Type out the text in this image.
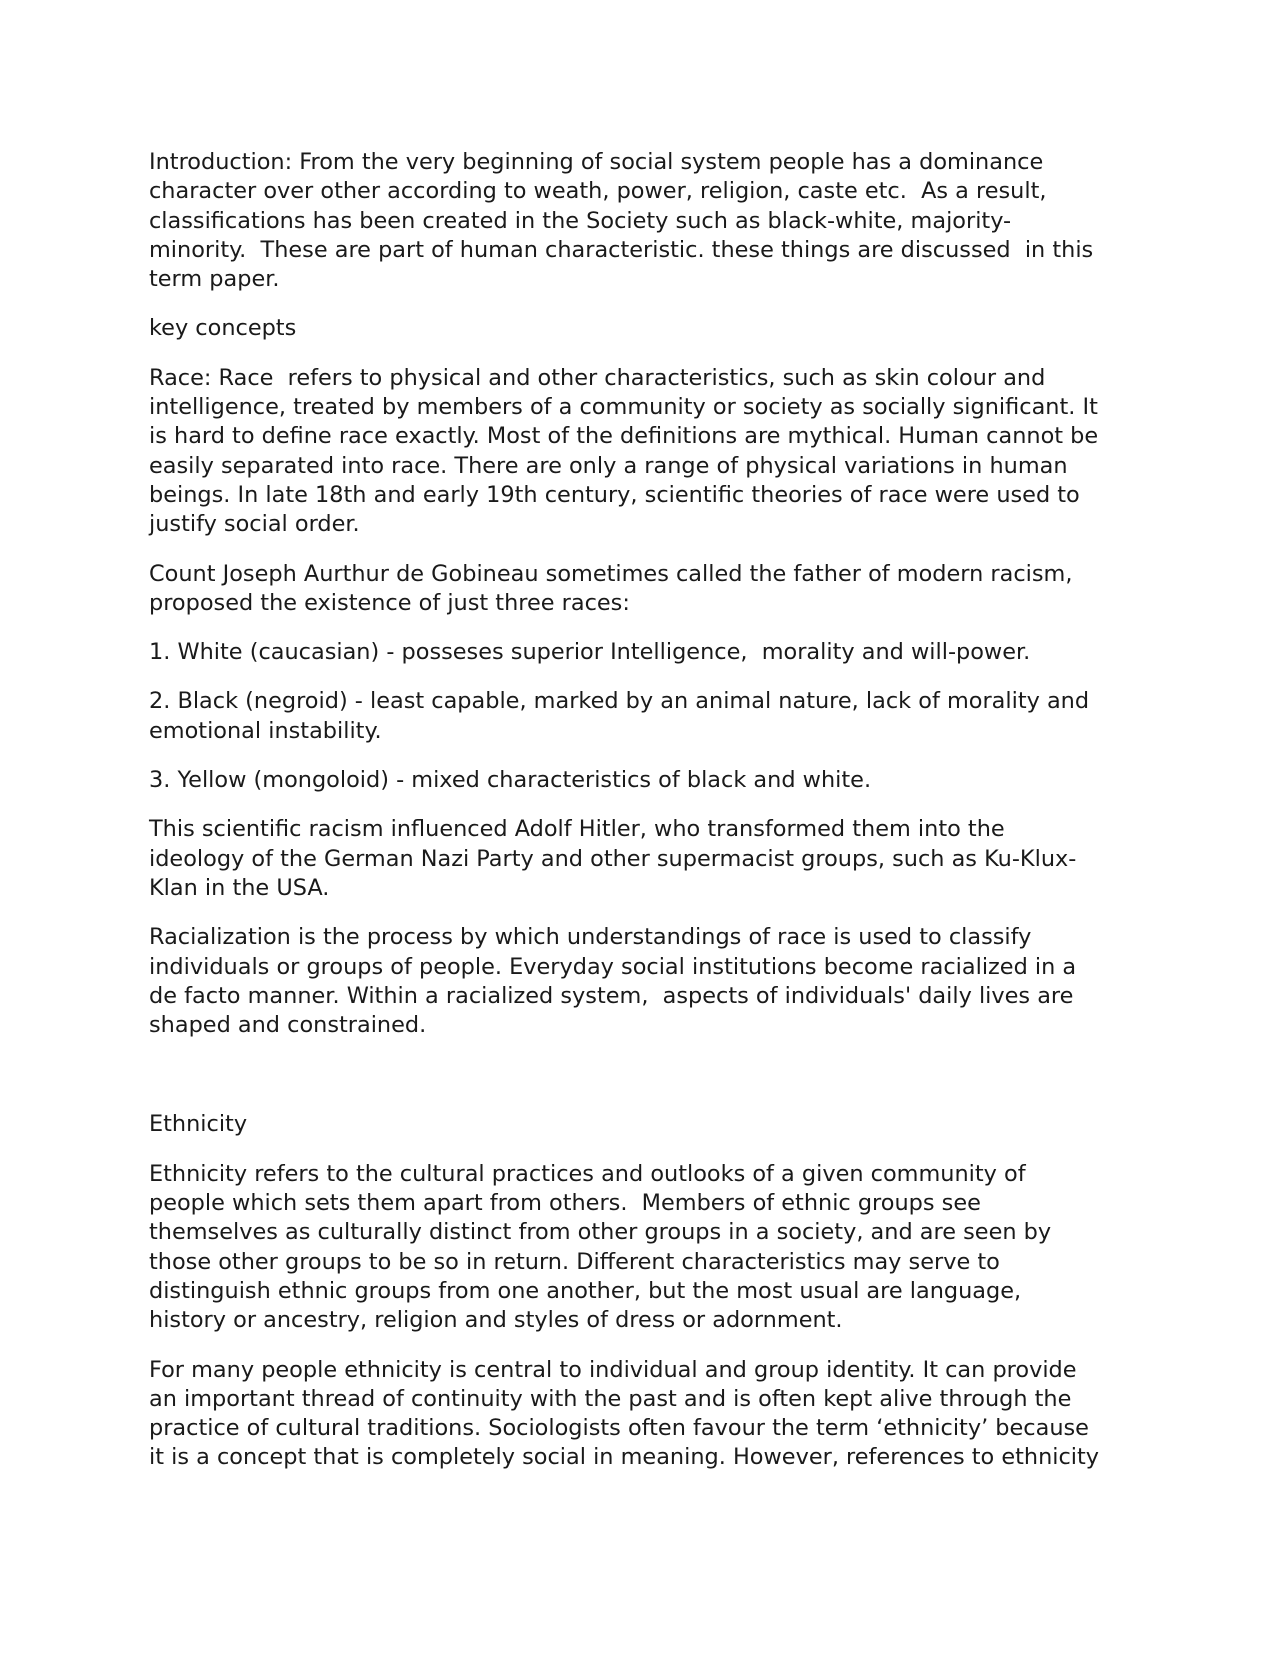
Introduction: From the very beginning of social system people has a dominance
character over other according to weath, power, religion, caste etc.  As a result,
classifications has been created in the Society such as black-white, majority-
minority.  These are part of human characteristic. these things are discussed  in this
term paper.
key concepts
Race: Race  refers to physical and other characteristics, such as skin colour and
intelligence, treated by members of a community or society as socially significant. It
is hard to define race exactly. Most of the definitions are mythical. Human cannot be
easily separated into race. There are only a range of physical variations in human
beings. In late 18th and early 19th century, scientific theories of race were used to
justify social order.
Count Joseph Aurthur de Gobineau sometimes called the father of modern racism,
proposed the existence of just three races:
1. White (caucasian) - posseses superior Intelligence,  morality and will-power.
2. Black (negroid) - least capable, marked by an animal nature, lack of morality and
emotional instability.
3. Yellow (mongoloid) - mixed characteristics of black and white.
This scientific racism influenced Adolf Hitler, who transformed them into the
ideology of the German Nazi Party and other supermacist groups, such as Ku-Klux-
Klan in the USA.
Racialization is the process by which understandings of race is used to classify
individuals or groups of people. Everyday social institutions become racialized in a
de facto manner. Within a racialized system,  aspects of individuals' daily lives are
shaped and constrained.
Ethnicity
Ethnicity refers to the cultural practices and outlooks of a given community of
people which sets them apart from others.  Members of ethnic groups see
themselves as culturally distinct from other groups in a society, and are seen by
those other groups to be so in return. Different characteristics may serve to
distinguish ethnic groups from one another, but the most usual are language,
history or ancestry, religion and styles of dress or adornment.
For many people ethnicity is central to individual and group identity. It can provide
an important thread of continuity with the past and is often kept alive through the
practice of cultural traditions. Sociologists often favour the term ‘ethnicity’ because
it is a concept that is completely social in meaning. However, references to ethnicity
